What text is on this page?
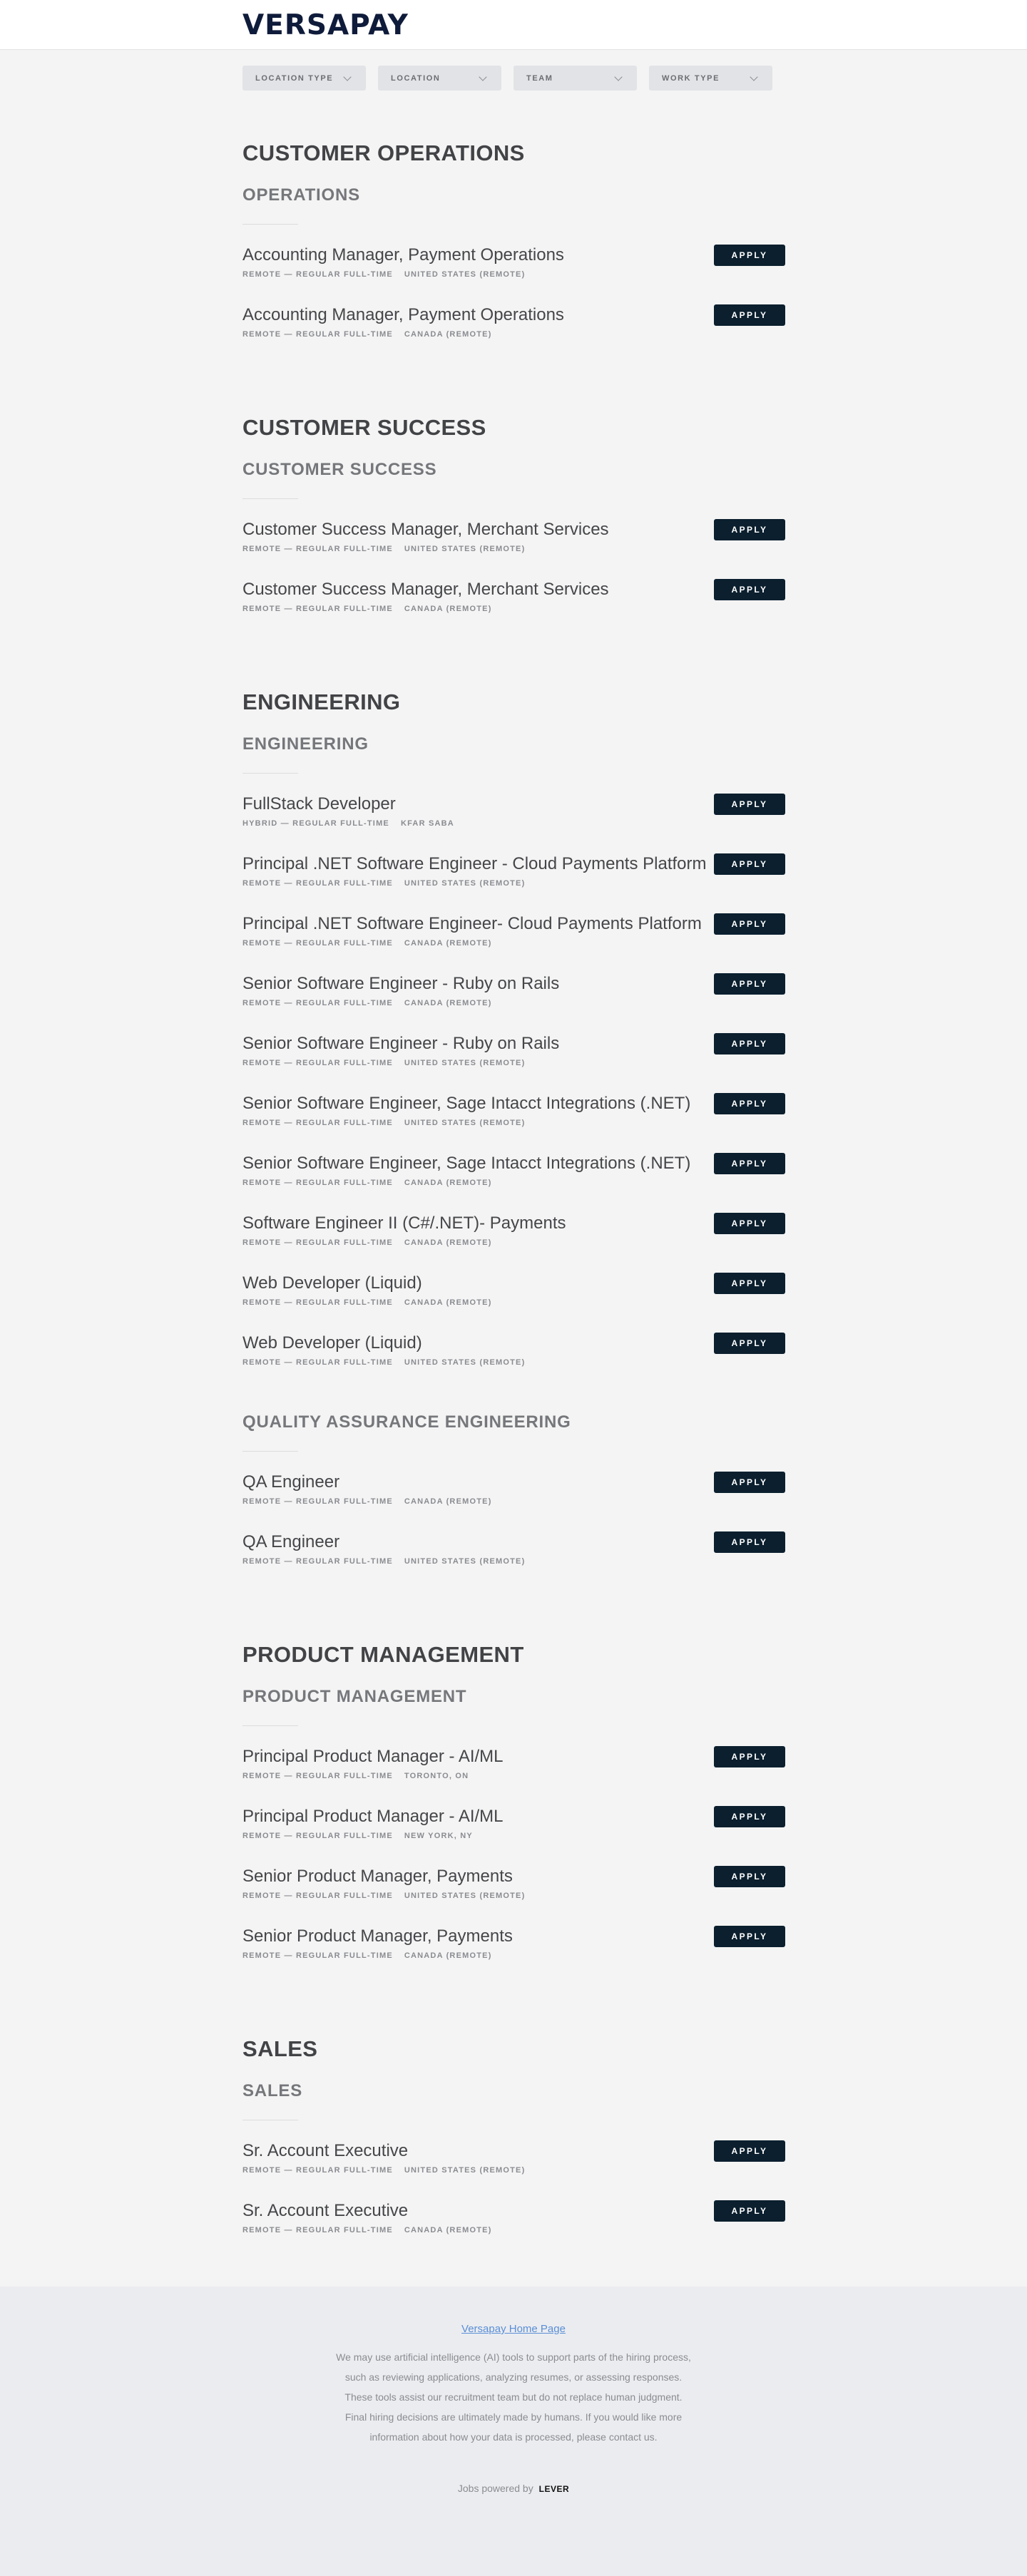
VERSAPAY
LOCATION TYPE	LOCATION	TEAM	WORK TYPE
CUSTOMER OPERATIONS
OPERATIONS
Accounting Manager, Payment Operations
REMOTE — REGULAR FULL-TIME UNITED STATES (REMOTE)
APPLY
Accounting Manager, Payment Operations
REMOTE — REGULAR FULL-TIME CANADA (REMOTE)
APPLY
CUSTOMER SUCCESS
CUSTOMER SUCCESS
Customer Success Manager, Merchant Services
REMOTE — REGULAR FULL-TIME UNITED STATES (REMOTE)
APPLY
Customer Success Manager, Merchant Services
REMOTE — REGULAR FULL-TIME CANADA (REMOTE)
APPLY
ENGINEERING
ENGINEERING
FullStack Developer
HYBRID — REGULAR FULL-TIME KFAR SABA
APPLY
Principal .NET Software Engineer - Cloud Payments Platform
REMOTE — REGULAR FULL-TIME UNITED STATES (REMOTE)
APPLY
Principal .NET Software Engineer- Cloud Payments Platform
REMOTE — REGULAR FULL-TIME CANADA (REMOTE)
APPLY
Senior Software Engineer - Ruby on Rails
REMOTE — REGULAR FULL-TIME CANADA (REMOTE)
APPLY
Senior Software Engineer - Ruby on Rails
REMOTE — REGULAR FULL-TIME UNITED STATES (REMOTE)
APPLY
Senior Software Engineer, Sage Intacct Integrations (.NET)
REMOTE — REGULAR FULL-TIME UNITED STATES (REMOTE)
APPLY
Senior Software Engineer, Sage Intacct Integrations (.NET)
REMOTE — REGULAR FULL-TIME CANADA (REMOTE)
APPLY
Software Engineer II (C#/.NET)- Payments
REMOTE — REGULAR FULL-TIME CANADA (REMOTE)
APPLY
Web Developer (Liquid)
REMOTE — REGULAR FULL-TIME CANADA (REMOTE)
APPLY
Web Developer (Liquid)
REMOTE — REGULAR FULL-TIME UNITED STATES (REMOTE)
APPLY
QUALITY ASSURANCE ENGINEERING
QA Engineer
REMOTE — REGULAR FULL-TIME CANADA (REMOTE)
APPLY
QA Engineer
REMOTE — REGULAR FULL-TIME UNITED STATES (REMOTE)
APPLY
PRODUCT MANAGEMENT
PRODUCT MANAGEMENT
Principal Product Manager - AI/ML
REMOTE — REGULAR FULL-TIME TORONTO, ON
APPLY
Principal Product Manager - AI/ML
REMOTE — REGULAR FULL-TIME NEW YORK, NY
APPLY
Senior Product Manager, Payments
REMOTE — REGULAR FULL-TIME UNITED STATES (REMOTE)
APPLY
Senior Product Manager, Payments
REMOTE — REGULAR FULL-TIME CANADA (REMOTE)
APPLY
SALES
SALES
Sr. Account Executive
REMOTE — REGULAR FULL-TIME UNITED STATES (REMOTE)
APPLY
Sr. Account Executive
REMOTE — REGULAR FULL-TIME CANADA (REMOTE)
APPLY
Versapay Home Page

We may use artificial intelligence (AI) tools to support parts of the hiring process, such as reviewing applications, analyzing resumes, or assessing responses. These tools assist our recruitment team but do not replace human judgment. Final hiring decisions are ultimately made by humans. If you would like more information about how your data is processed, please contact us.

Jobs powered by LEVER
